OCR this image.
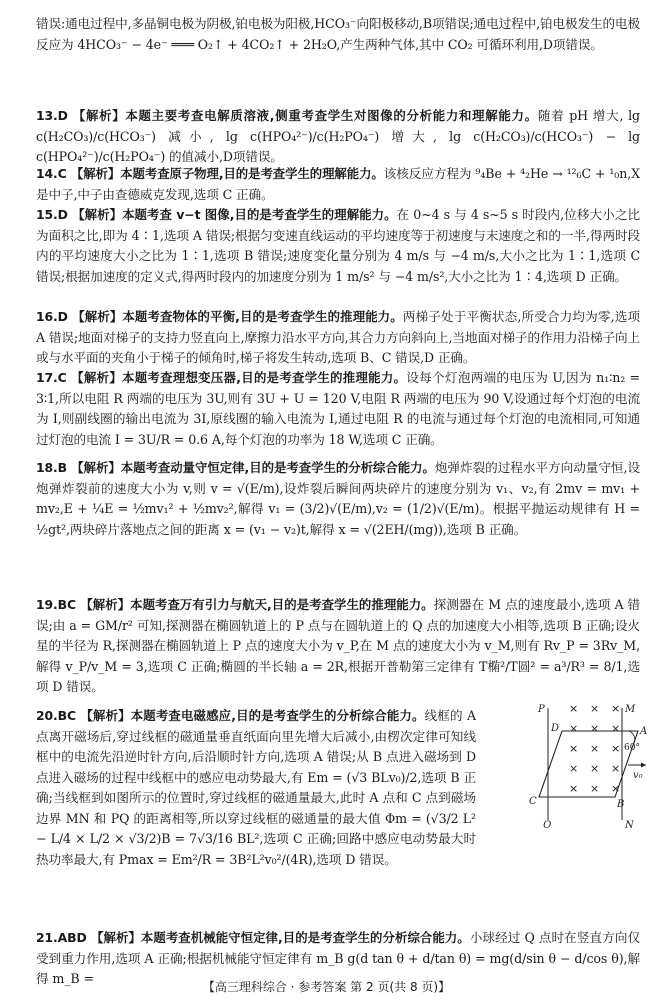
错误:通电过程中,多晶铜电极为阴极,铂电极为阳极,HCO₃⁻向阳极移动,B项错误;通电过程中,铂电极发生的电极反应为 4HCO₃⁻ − 4e⁻ ═══ O₂↑ + 4CO₂↑ + 2H₂O,产生两种气体,其中 CO₂ 可循环利用,D项错误。

13.D 【解析】本题主要考查电解质溶液,侧重考查学生对图像的分析能力和理解能力。随着 pH 增大, lg c(H₂CO₃)/c(HCO₃⁻) 减小, lg c(HPO₄²⁻)/c(H₂PO₄⁻) 增大, lg c(H₂CO₃)/c(HCO₃⁻) − lg c(HPO₄²⁻)/c(H₂PO₄⁻) 的值减小,D项错误。

14.C 【解析】本题考查原子物理,目的是考查学生的理解能力。该核反应方程为 ⁹₄Be + ⁴₂He → ¹²₆C + ¹₀n,X 是中子,中子由查德威克发现,选项 C 正确。

15.D 【解析】本题考查 v−t 图像,目的是考查学生的理解能力。在 0~4 s 与 4 s~5 s 时段内,位移大小之比为面积之比,即为 4∶1,选项 A 错误;根据匀变速直线运动的平均速度等于初速度与末速度之和的一半,得两时段内的平均速度大小之比为 1∶1,选项 B 错误;速度变化量分别为 4 m/s 与 −4 m/s,大小之比为 1∶1,选项 C 错误;根据加速度的定义式,得两时段内的加速度分别为 1 m/s² 与 −4 m/s²,大小之比为 1∶4,选项 D 正确。

16.D 【解析】本题考查物体的平衡,目的是考查学生的推理能力。两梯子处于平衡状态,所受合力均为零,选项 A 错误;地面对梯子的支持力竖直向上,摩擦力沿水平方向,其合力方向斜向上,当地面对梯子的作用力沿梯子向上或与水平面的夹角小于梯子的倾角时,梯子将发生转动,选项 B、C 错误,D 正确。

17.C 【解析】本题考查理想变压器,目的是考查学生的推理能力。设每个灯泡两端的电压为 U,因为 n₁∶n₂ = 3∶1,所以电阻 R 两端的电压为 3U,则有 3U + U = 120 V,电阻 R 两端的电压为 90 V,设通过每个灯泡的电流为 I,则副线圈的输出电流为 3I,原线圈的输入电流为 I,通过电阻 R 的电流与通过每个灯泡的电流相同,可知通过灯泡的电流 I = 3U/R = 0.6 A,每个灯泡的功率为 18 W,选项 C 正确。

18.B 【解析】本题考查动量守恒定律,目的是考查学生的分析综合能力。炮弹炸裂的过程水平方向动量守恒,设炮弹炸裂前的速度大小为 v,则 v = √(E/m),设炸裂后瞬间两块碎片的速度分别为 v₁、v₂,有 2mv = mv₁ + mv₂,E + ¼E = ½mv₁² + ½mv₂²,解得 v₁ = (3/2)√(E/m),v₂ = (1/2)√(E/m)。根据平抛运动规律有 H = ½gt²,两块碎片落地点之间的距离 x = (v₁ − v₂)t,解得 x = √(2EH/(mg)),选项 B 正确。

19.BC 【解析】本题考查万有引力与航天,目的是考查学生的推理能力。探测器在 M 点的速度最小,选项 A 错误;由 a = GM/r² 可知,探测器在椭圆轨道上的 P 点与在圆轨道上的 Q 点的加速度大小相等,选项 B 正确;设火星的半径为 R,探测器在椭圆轨道上 P 点的速度大小为 v_P,在 M 点的速度大小为 v_M,则有 Rv_P = 3Rv_M,解得 v_P/v_M = 3,选项 C 正确;椭圆的半长轴 a = 2R,根据开普勒第三定律有 T椭²/T圆² = a³/R³ = 8/1,选项 D 错误。

20.BC 【解析】本题考查电磁感应,目的是考查学生的分析综合能力。线框的 A 点离开磁场后,穿过线框的磁通量垂直纸面向里先增大后减小,由楞次定律可知线框中的电流先沿逆时针方向,后沿顺时针方向,选项 A 错误;从 B 点进入磁场到 D 点进入磁场的过程中线框中的感应电动势最大,有 Em = (√3 BLv₀)/2,选项 B 正确;当线框到如图所示的位置时,穿过线框的磁通量最大,此时 A 点和 C 点到磁场边界 MN 和 PQ 的距离相等,所以穿过线框的磁通量的最大值 Φm = (√3/2 L² − L/4 × L/2 × √3/2)B = 7√3/16 BL²,选项 C 正确;回路中感应电动势最大时热功率最大,有 Pmax = Em²/R = 3B²L²v₀²/(4R),选项 D 错误。

21.ABD 【解析】本题考查机械能守恒定律,目的是考查学生的分析综合能力。小球经过 Q 点时在竖直方向仅受到重力作用,选项 A 正确;根据机械能守恒定律有 m_B g(d tan θ + d/tan θ) = mg(d/sin θ − d/cos θ),解得 m_B =

× × ×
× × ×
× × ×
× × ×
× × ×
P	M
D	A
60°
v₀
C	B
Q	N
【高三理科综合 · 参考答案 第 2 页(共 8 页)】
